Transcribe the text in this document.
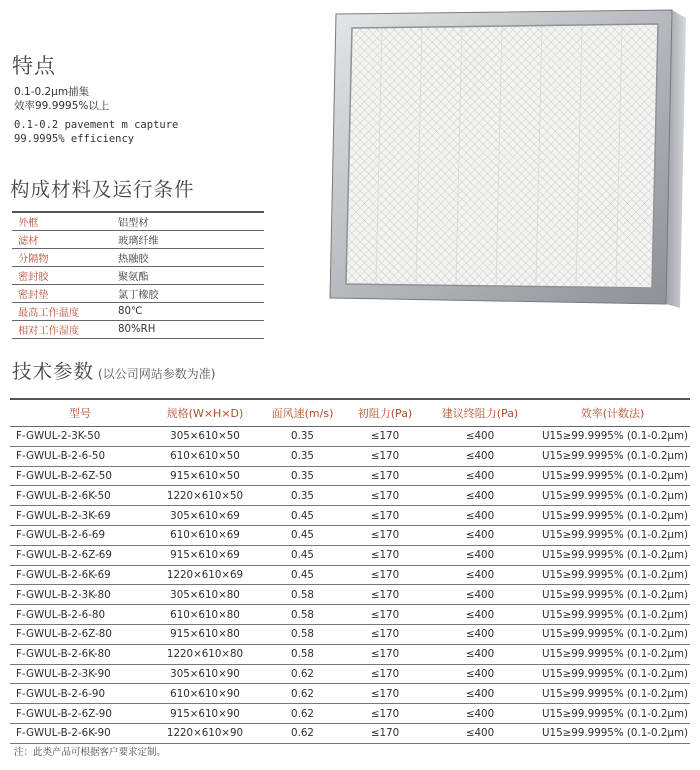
特点
0.1-0.2μm捕集
效率99.9995%以上
0.1-0.2 pavement m capture
99.9995% efficiency
构成材料及运行条件
外框	铝型材
滤材	玻璃纤维
分隔物	热融胶
密封胶	聚氨酯
密封垫	氯丁橡胶
最高工作温度	80℃
相对工作湿度	80%RH
技术参数 (以公司网站参数为准)
型号	规格(W×H×D)	面风速(m/s)	初阻力(Pa)	建议终阻力(Pa)	效率(计数法)
F-GWUL-2-3K-50	305×610×50	0.35	≤170	≤400	U15≥99.9995% (0.1-0.2μm)
F-GWUL-B-2-6-50	610×610×50	0.35	≤170	≤400	U15≥99.9995% (0.1-0.2μm)
F-GWUL-B-2-6Z-50	915×610×50	0.35	≤170	≤400	U15≥99.9995% (0.1-0.2μm)
F-GWUL-B-2-6K-50	1220×610×50	0.35	≤170	≤400	U15≥99.9995% (0.1-0.2μm)
F-GWUL-B-2-3K-69	305×610×69	0.45	≤170	≤400	U15≥99.9995% (0.1-0.2μm)
F-GWUL-B-2-6-69	610×610×69	0.45	≤170	≤400	U15≥99.9995% (0.1-0.2μm)
F-GWUL-B-2-6Z-69	915×610×69	0.45	≤170	≤400	U15≥99.9995% (0.1-0.2μm)
F-GWUL-B-2-6K-69	1220×610×69	0.45	≤170	≤400	U15≥99.9995% (0.1-0.2μm)
F-GWUL-B-2-3K-80	305×610×80	0.58	≤170	≤400	U15≥99.9995% (0.1-0.2μm)
F-GWUL-B-2-6-80	610×610×80	0.58	≤170	≤400	U15≥99.9995% (0.1-0.2μm)
F-GWUL-B-2-6Z-80	915×610×80	0.58	≤170	≤400	U15≥99.9995% (0.1-0.2μm)
F-GWUL-B-2-6K-80	1220×610×80	0.58	≤170	≤400	U15≥99.9995% (0.1-0.2μm)
F-GWUL-B-2-3K-90	305×610×90	0.62	≤170	≤400	U15≥99.9995% (0.1-0.2μm)
F-GWUL-B-2-6-90	610×610×90	0.62	≤170	≤400	U15≥99.9995% (0.1-0.2μm)
F-GWUL-B-2-6Z-90	915×610×90	0.62	≤170	≤400	U15≥99.9995% (0.1-0.2μm)
F-GWUL-B-2-6K-90	1220×610×90	0.62	≤170	≤400	U15≥99.9995% (0.1-0.2μm)
注：此类产品可根据客户要求定制。
